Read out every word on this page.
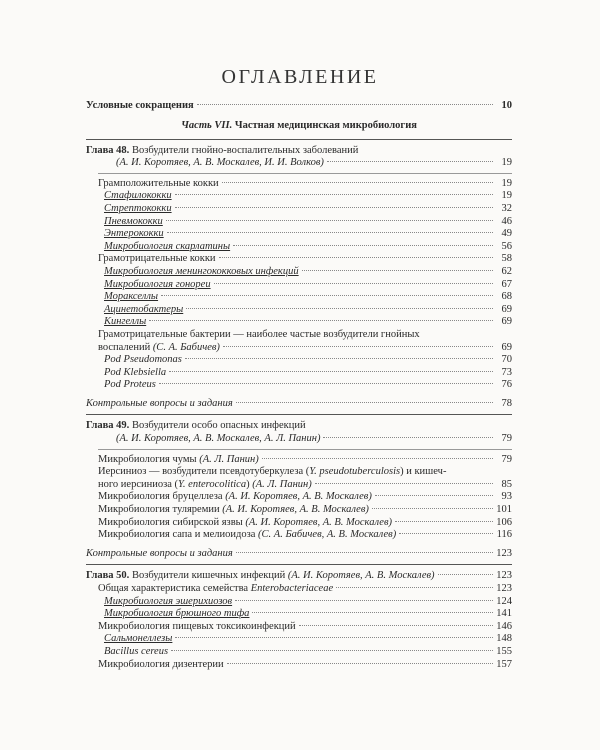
ОГЛАВЛЕНИЕ
Условные сокращения	10
Часть VII. Частная медицинская микробиология
Глава 48. Возбудители гнойно-воспалительных заболеваний
(А. И. Коротяев, А. В. Москалев, И. И. Волков)	19
Грамположительные кокки	19
Стафилококки	19
Стрептококки	32
Пневмококки	46
Энтерококки	49
Микробиология скарлатины	56
Грамотрицательные кокки	58
Микробиология менингококковых инфекций	62
Микробиология гонореи	67
Моракселлы	68
Ацинетобактеры	69
Кингеллы	69
Грамотрицательные бактерии — наиболее частые возбудители гнойных
воспалений (С. А. Бабичев)	69
Pod Pseudomonas	70
Pod Klebsiella	73
Pod Proteus	76
Контрольные вопросы и задания	78
Глава 49. Возбудители особо опасных инфекций
(А. И. Коротяев, А. В. Москалев, А. Л. Панин)	79
Микробиология чумы (А. Л. Панин)	79
Иерсиниоз — возбудители псевдотуберкулеза (Y. pseudotuberculosis) и кишеч-
ного иерсиниоза (Y. enterocolitica) (А. Л. Панин)	85
Микробиология бруцеллеза (А. И. Коротяев, А. В. Москалев)	93
Микробиология туляремии (А. И. Коротяев, А. В. Москалев)	101
Микробиология сибирской язвы (А. И. Коротяев, А. В. Москалев)	106
Микробиология сапа и мелиоидоза (С. А. Бабичев, А. В. Москалев)	116
Контрольные вопросы и задания	123
Глава 50. Возбудители кишечных инфекций (А. И. Коротяев, А. В. Москалев)	123
Общая характеристика семейства Enterobacteriaceae	123
Микробиология эшерихиозов	124
Микробиология брюшного тифа	141
Микробиология пищевых токсикоинфекций	146
Сальмонеллезы	148
Bacillus cereus	155
Микробиология дизентерии	157
